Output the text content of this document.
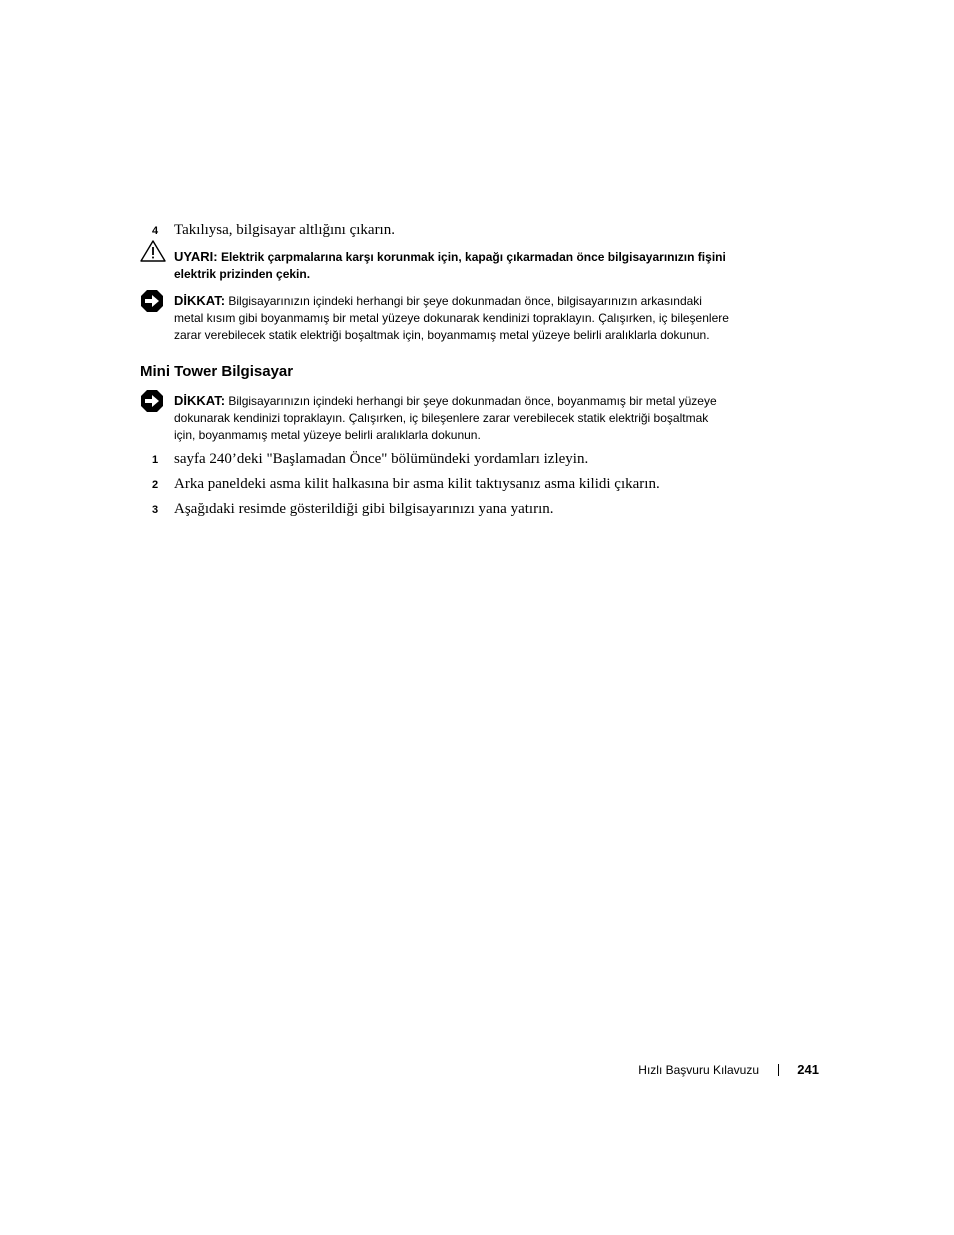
4	Takılıysa, bilgisayar altlığını çıkarın.
UYARI: Elektrik çarpmalarına karşı korunmak için, kapağı çıkarmadan önce bilgisayarınızın fişini
elektrik prizinden çekin.
DİKKAT: Bilgisayarınızın içindeki herhangi bir şeye dokunmadan önce, bilgisayarınızın arkasındaki
metal kısım gibi boyanmamış bir metal yüzeye dokunarak kendinizi topraklayın. Çalışırken, iç bileşenlere
zarar verebilecek statik elektriği boşaltmak için, boyanmamış metal yüzeye belirli aralıklarla dokunun.
Mini Tower Bilgisayar
DİKKAT: Bilgisayarınızın içindeki herhangi bir şeye dokunmadan önce, boyanmamış bir metal yüzeye
dokunarak kendinizi topraklayın. Çalışırken, iç bileşenlere zarar verebilecek statik elektriği boşaltmak
için, boyanmamış metal yüzeye belirli aralıklarla dokunun.
1	sayfa 240’deki "Başlamadan Önce" bölümündeki yordamları izleyin.
2	Arka paneldeki asma kilit halkasına bir asma kilit taktıysanız asma kilidi çıkarın.
3	Aşağıdaki resimde gösterildiği gibi bilgisayarınızı yana yatırın.
Hızlı Başvuru Kılavuzu	241
